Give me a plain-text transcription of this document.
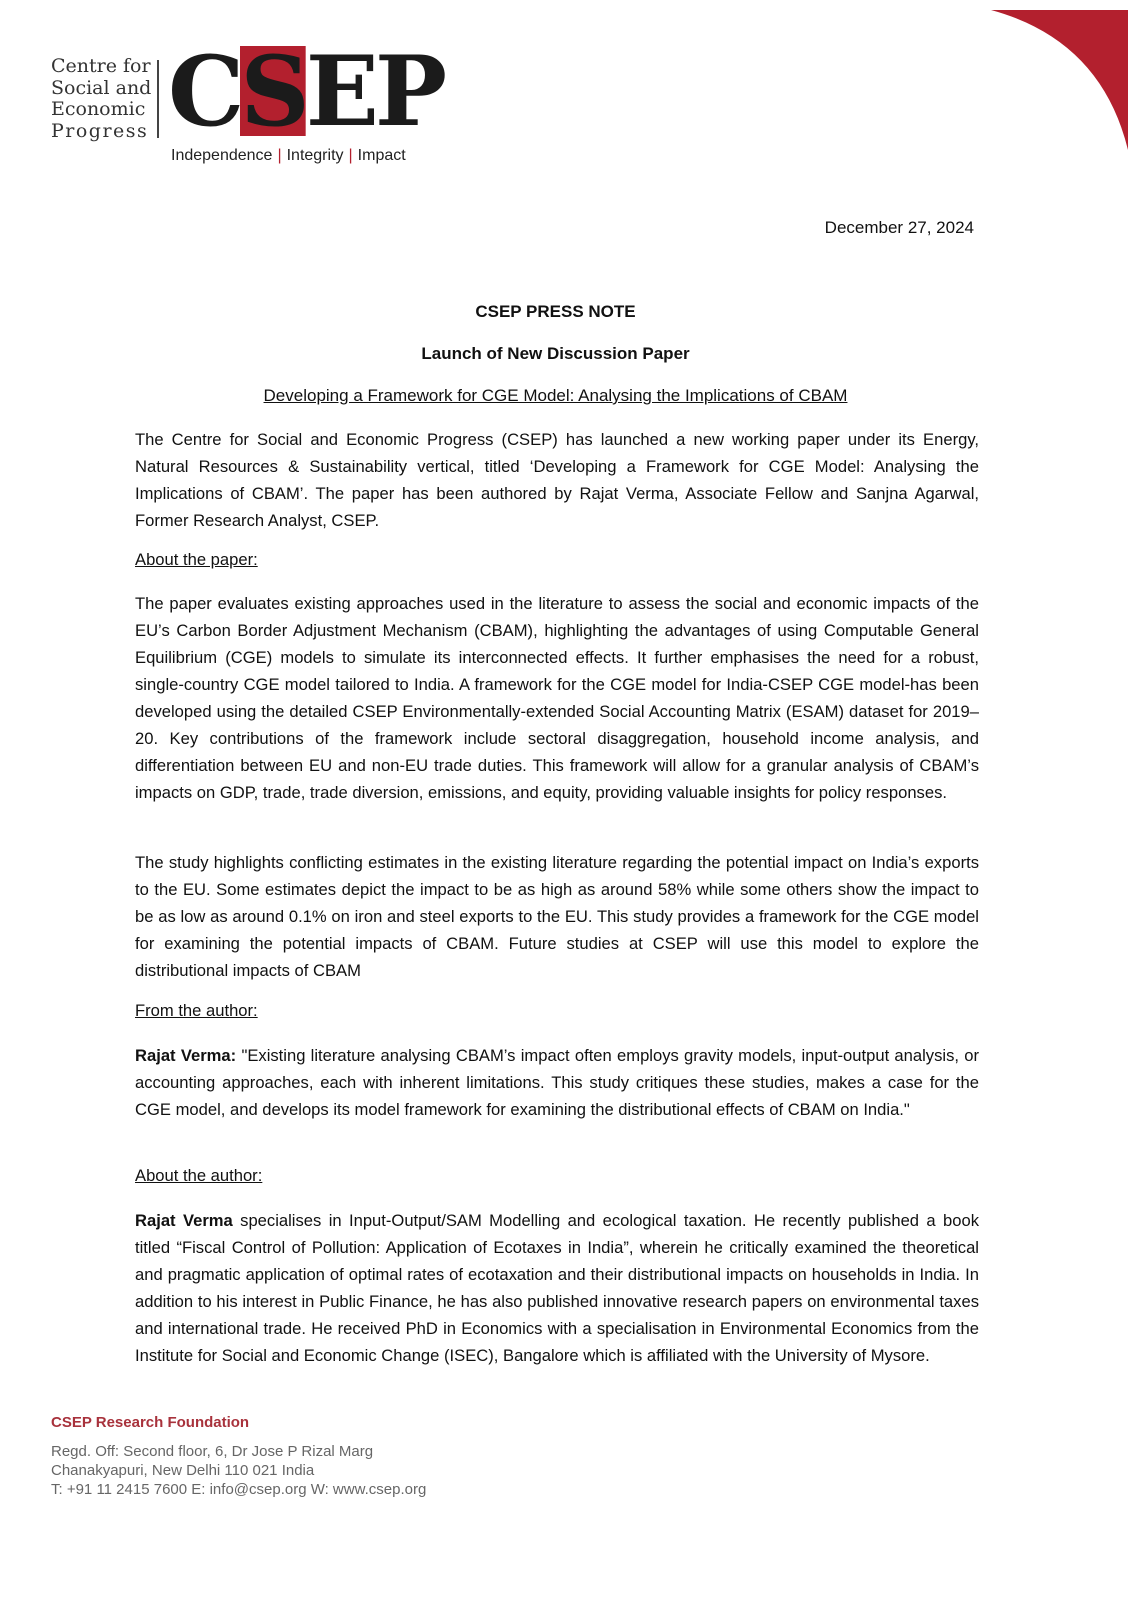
Centre for
Social and
Economic
Progress CSEP
Independence | Integrity | Impact
December 27, 2024
CSEP PRESS NOTE
Launch of New Discussion Paper
Developing a Framework for CGE Model: Analysing the Implications of CBAM

The Centre for Social and Economic Progress (CSEP) has launched a new working paper under its Energy, Natural Resources & Sustainability vertical, titled ‘Developing a Framework for CGE Model: Analysing the Implications of CBAM’. The paper has been authored by Rajat Verma, Associate Fellow and Sanjna Agarwal, Former Research Analyst, CSEP.

About the paper:

The paper evaluates existing approaches used in the literature to assess the social and economic impacts of the EU’s Carbon Border Adjustment Mechanism (CBAM), highlighting the advantages of using Computable General Equilibrium (CGE) models to simulate its interconnected effects. It further emphasises the need for a robust, single-country CGE model tailored to India. A framework for the CGE model for India-CSEP CGE model-has been developed using the detailed CSEP Environmentally-extended Social Accounting Matrix (ESAM) dataset for 2019–20. Key contributions of the framework include sectoral disaggregation, household income analysis, and differentiation between EU and non-EU trade duties. This framework will allow for a granular analysis of CBAM’s impacts on GDP, trade, trade diversion, emissions, and equity, providing valuable insights for policy responses.

The study highlights conflicting estimates in the existing literature regarding the potential impact on India’s exports to the EU. Some estimates depict the impact to be as high as around 58% while some others show the impact to be as low as around 0.1% on iron and steel exports to the EU. This study provides a framework for the CGE model for examining the potential impacts of CBAM. Future studies at CSEP will use this model to explore the distributional impacts of CBAM

From the author:

Rajat Verma: "Existing literature analysing CBAM’s impact often employs gravity models, input-output analysis, or accounting approaches, each with inherent limitations. This study critiques these studies, makes a case for the CGE model, and develops its model framework for examining the distributional effects of CBAM on India."

About the author:

Rajat Verma specialises in Input-Output/SAM Modelling and ecological taxation. He recently published a book titled “Fiscal Control of Pollution: Application of Ecotaxes in India”, wherein he critically examined the theoretical and pragmatic application of optimal rates of ecotaxation and their distributional impacts on households in India. In addition to his interest in Public Finance, he has also published innovative research papers on environmental taxes and international trade. He received PhD in Economics with a specialisation in Environmental Economics from the Institute for Social and Economic Change (ISEC), Bangalore which is affiliated with the University of Mysore.

CSEP Research Foundation
Regd. Off: Second floor, 6, Dr Jose P Rizal Marg
Chanakyapuri, New Delhi 110 021 India
T: +91 11 2415 7600 E: info@csep.org W: www.csep.org
